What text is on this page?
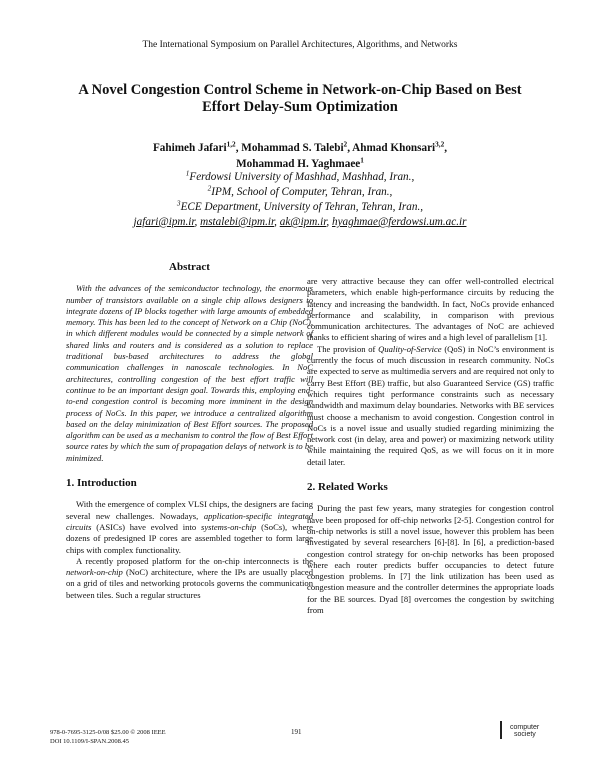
The International Symposium on Parallel Architectures, Algorithms, and Networks
A Novel Congestion Control Scheme in Network-on-Chip Based on Best Effort Delay-Sum Optimization
Fahimeh Jafari$^{1,2}$, Mohammad S. Talebi$^2$, Ahmad Khonsari$^{3,2}$,
Mohammad H. Yaghmaee$^1$
$^1$Ferdowsi University of Mashhad, Mashhad, Iran.,
$^2$IPM, School of Computer, Tehran, Iran.,
$^3$ECE Department, University of Tehran, Tehran, Iran.,
jafari@ipm.ir, mstalebi@ipm.ir, ak@ipm.ir, hyaghmae@ferdowsi.um.ac.ir

Abstract

With the advances of the semiconductor technology, the enormous number of transistors available on a single chip allows designers to integrate dozens of IP blocks together with large amounts of embedded memory. This has been led to the concept of Network on a Chip (NoC), in which different modules would be connected by a simple network of shared links and routers and is considered as a solution to replace traditional bus-based architectures to address the global communication challenges in nanoscale technologies. In NoC architectures, controlling congestion of the best effort traffic will continue to be an important design goal. Towards this, employing end-to-end congestion control is becoming more imminent in the design process of NoCs. In this paper, we introduce a centralized algorithm based on the delay minimization of Best Effort sources. The proposed algorithm can be used as a mechanism to control the flow of Best Effort source rates by which the sum of propagation delays of network is to be minimized.

1. Introduction

With the emergence of complex VLSI chips, the designers are facing several new challenges. Nowadays, application-specific integrated circuits (ASICs) have evolved into systems-on-chip (SoCs), where dozens of predesigned IP cores are assembled together to form large chips with complex functionality.

A recently proposed platform for the on-chip interconnects is the network-on-chip (NoC) architecture, where the IPs are usually placed on a grid of tiles and networking protocols governs the communication between tiles. Such a regular structures

are very attractive because they can offer well-controlled electrical parameters, which enable high-performance circuits by reducing the latency and increasing the bandwidth. In fact, NoCs provide enhanced performance and scalability, in comparison with previous communication architectures. The advantages of NoC are achieved thanks to efficient sharing of wires and a high level of parallelism [1].

The provision of Quality-of-Service (QoS) in NoC’s environment is currently the focus of much discussion in research community. NoCs are expected to serve as multimedia servers and are required not only to carry Best Effort (BE) traffic, but also Guaranteed Service (GS) traffic which requires tight performance constraints such as necessary bandwidth and maximum delay boundaries. Networks with BE services must choose a mechanism to avoid congestion. Congestion control in NoCs is a novel issue and usually studied regarding minimizing the network cost (in delay, area and power) or maximizing network utility while maintaining the required QoS, as we will focus on it in more detail later.

2. Related Works

During the past few years, many strategies for congestion control have been proposed for off-chip networks [2-5]. Congestion control for on-chip networks is still a novel issue, however this problem has been investigated by several researchers [6]-[8]. In [6], a prediction-based congestion control strategy for on-chip networks has been proposed where each router predicts buffer occupancies to detect future congestion problems. In [7] the link utilization has been used as congestion measure and the controller determines the appropriate loads for the BE sources. Dyad [8] overcomes the congestion by switching from

978-0-7695-3125-0/08 $25.00 © 2008 IEEE
DOI 10.1109/I-SPAN.2008.45
191
computer
society
